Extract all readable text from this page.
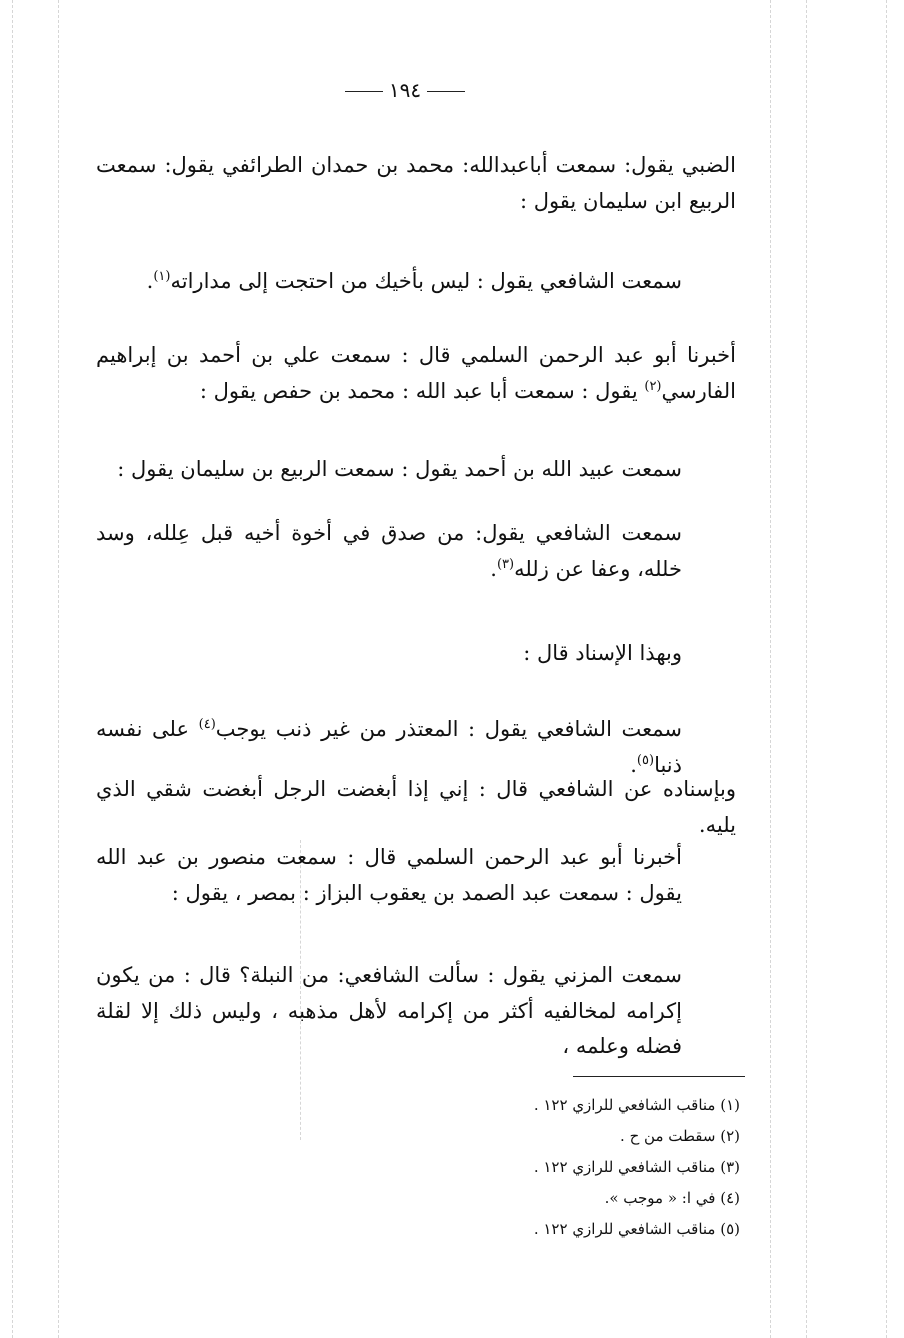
١٩٤

الضبي يقول: سمعت أباعبدالله: محمد بن حمدان الطرائفي يقول: سمعت الربيع ابن سليمان يقول :

سمعت الشافعي يقول : ليس بأخيك من احتجت إلى مداراته$^{(١)}$.

أخبرنا أبو عبد الرحمن السلمي قال : سمعت علي بن أحمد بن إبراهيم الفارسي$^{(٢)}$ يقول : سمعت أبا عبد الله : محمد بن حفص يقول :

سمعت عبيد الله بن أحمد يقول : سمعت الربيع بن سليمان يقول :

سمعت الشافعي يقول: من صدق في أخوة أخيه قبل عِلله، وسد خلله، وعفا عن زلله$^{(٣)}$.

وبهذا الإسناد قال :

سمعت الشافعي يقول : المعتذر من غير ذنب يوجب$^{(٤)}$ على نفسه ذنبا$^{(٥)}$.

وبإسناده عن الشافعي قال : إني إذا أبغضت الرجل أبغضت شقي الذي يليه.

أخبرنا أبو عبد الرحمن السلمي قال : سمعت منصور بن عبد الله يقول : سمعت عبد الصمد بن يعقوب البزاز : بمصر ، يقول :

سمعت المزني يقول : سألت الشافعي: من النبلة؟ قال : من يكون إكرامه لمخالفيه أكثر من إكرامه لأهل مذهبه ، وليس ذلك إلا لقلة فضله وعلمه ،

(١) مناقب الشافعي للرازي ١٢٢ .

(٢) سقطت من ح .

(٣) مناقب الشافعي للرازي ١٢٢ .

(٤) في ا: « موجب ».

(٥) مناقب الشافعي للرازي ١٢٢ .
